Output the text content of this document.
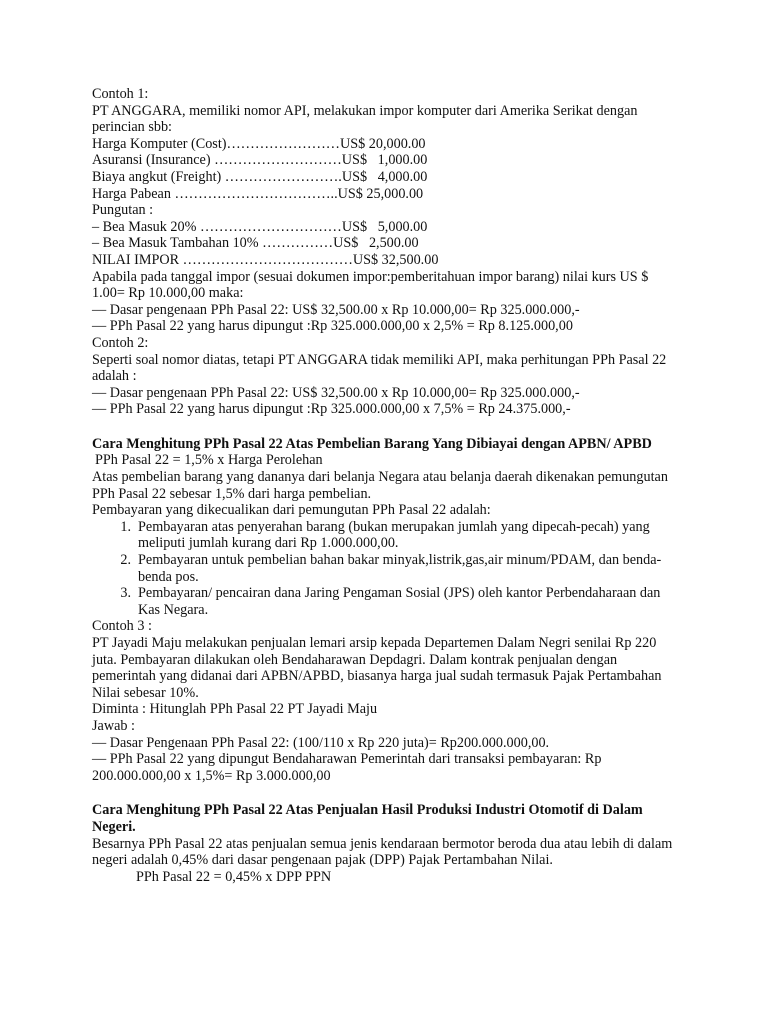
Contoh 1:

PT ANGGARA, memiliki nomor API, melakukan impor komputer dari Amerika Serikat dengan perincian sbb:

Harga Komputer (Cost)……………………US$ 20,000.00

Asuransi (Insurance) ………………………US$   1,000.00

Biaya angkut (Freight) …………………….US$   4,000.00

Harga Pabean ……………………………..US$ 25,000.00

Pungutan :

– Bea Masuk 20% …………………………US$   5,000.00

– Bea Masuk Tambahan 10% ……………US$   2,500.00

NILAI IMPOR ………………………………US$ 32,500.00

Apabila pada tanggal impor (sesuai dokumen impor:pemberitahuan impor barang) nilai kurs US $ 1.00= Rp 10.000,00 maka:

— Dasar pengenaan PPh Pasal 22: US$ 32,500.00 x Rp 10.000,00= Rp 325.000.000,-

— PPh Pasal 22 yang harus dipungut :Rp 325.000.000,00 x 2,5% = Rp 8.125.000,00

Contoh 2:

Seperti soal nomor diatas, tetapi PT ANGGARA tidak memiliki API, maka perhitungan PPh Pasal 22 adalah :

— Dasar pengenaan PPh Pasal 22: US$ 32,500.00 x Rp 10.000,00= Rp 325.000.000,-

— PPh Pasal 22 yang harus dipungut :Rp 325.000.000,00 x 7,5% = Rp 24.375.000,-

Cara Menghitung PPh Pasal 22 Atas Pembelian Barang Yang Dibiayai dengan APBN/ APBD

PPh Pasal 22 = 1,5% x Harga Perolehan

Atas pembelian barang yang dananya dari belanja Negara atau belanja daerah dikenakan pemungutan PPh Pasal 22 sebesar 1,5% dari harga pembelian.

Pembayaran yang dikecualikan dari pemungutan PPh Pasal 22 adalah:

1. Pembayaran atas penyerahan barang (bukan merupakan jumlah yang dipecah-pecah) yang meliputi jumlah kurang dari Rp 1.000.000,00.
2. Pembayaran untuk pembelian bahan bakar minyak,listrik,gas,air minum/PDAM, dan benda-benda pos.
3. Pembayaran/ pencairan dana Jaring Pengaman Sosial (JPS) oleh kantor Perbendaharaan dan Kas Negara.

Contoh 3 :

PT Jayadi Maju melakukan penjualan lemari arsip kepada Departemen Dalam Negri senilai Rp 220 juta. Pembayaran dilakukan oleh Bendaharawan Depdagri. Dalam kontrak penjualan dengan pemerintah yang didanai dari APBN/APBD, biasanya harga jual sudah termasuk Pajak Pertambahan Nilai sebesar 10%.

Diminta : Hitunglah PPh Pasal 22 PT Jayadi Maju

Jawab :

— Dasar Pengenaan PPh Pasal 22: (100/110 x Rp 220 juta)= Rp200.000.000,00.

— PPh Pasal 22 yang dipungut Bendaharawan Pemerintah dari transaksi pembayaran: Rp 200.000.000,00 x 1,5%= Rp 3.000.000,00

Cara Menghitung PPh Pasal 22 Atas Penjualan Hasil Produksi Industri Otomotif di Dalam Negeri.

Besarnya PPh Pasal 22 atas penjualan semua jenis kendaraan bermotor beroda dua atau lebih di dalam negeri adalah 0,45% dari dasar pengenaan pajak (DPP) Pajak Pertambahan Nilai.

PPh Pasal 22 = 0,45% x DPP PPN
